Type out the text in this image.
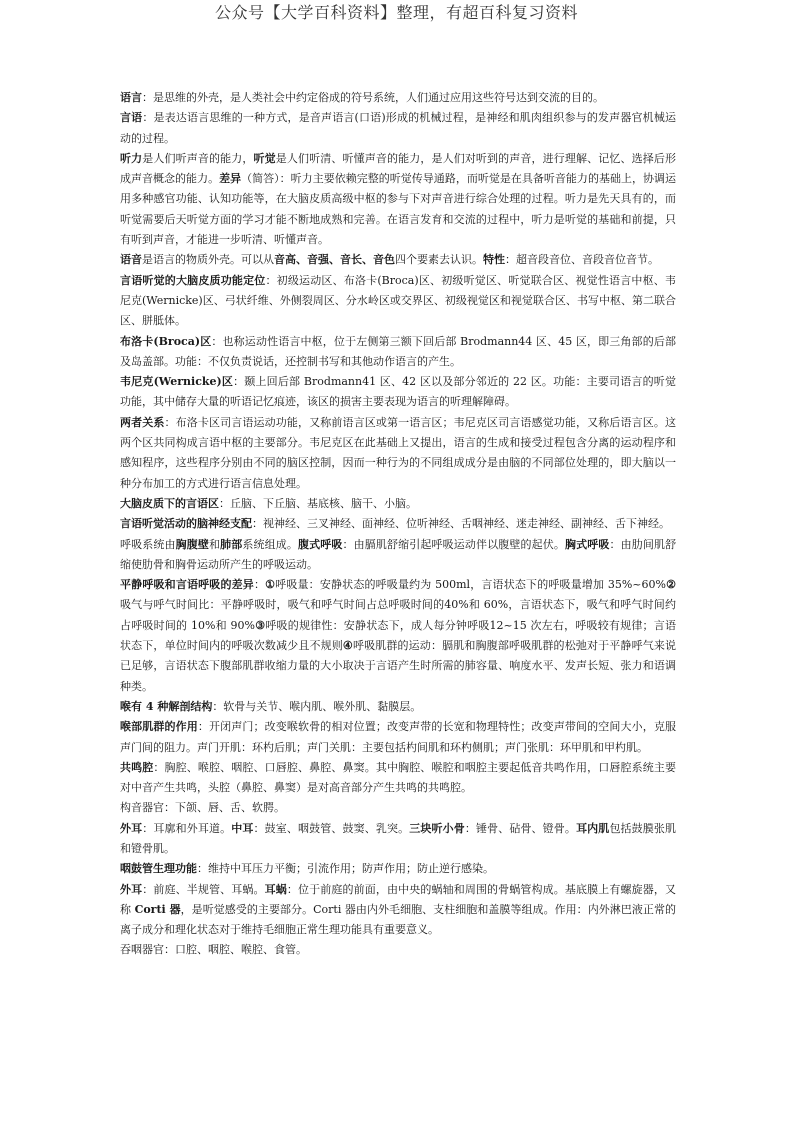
公众号【大学百科资料】整理，有超百科复习资料

语言：是思维的外壳，是人类社会中约定俗成的符号系统，人们通过应用这些符号达到交流的目的。

言语：是表达语言思维的一种方式，是音声语言(口语)形成的机械过程，是神经和肌肉组织参与的发声器官机械运动的过程。

听力是人们听声音的能力，听觉是人们听清、听懂声音的能力，是人们对听到的声音，进行理解、记忆、选择后形成声音概念的能力。差异（简答）：听力主要依赖完整的听觉传导通路，而听觉是在具备听音能力的基础上，协调运用多种感官功能、认知功能等，在大脑皮质高级中枢的参与下对声音进行综合处理的过程。听力是先天具有的，而听觉需要后天听觉方面的学习才能不断地成熟和完善。在语言发育和交流的过程中，听力是听觉的基础和前提，只有听到声音，才能进一步听清、听懂声音。

语音是语言的物质外壳。可以从音高、音强、音长、音色四个要素去认识。特性：超音段音位、音段音位音节。

言语听觉的大脑皮质功能定位：初级运动区、布洛卡(Broca)区、初级听觉区、听觉联合区、视觉性语言中枢、韦尼克(Wernicke)区、弓状纤维、外侧裂周区、分水岭区或交界区、初级视觉区和视觉联合区、书写中枢、第二联合区、胼胝体。

布洛卡(Broca)区：也称运动性语言中枢，位于左侧第三额下回后部 Brodmann44 区、45 区，即三角部的后部及岛盖部。功能：不仅负责说话，还控制书写和其他动作语言的产生。

韦尼克(Wernicke)区：颞上回后部 Brodmann41 区、42 区以及部分邻近的 22 区。功能：主要司语言的听觉功能，其中储存大量的听语记忆痕迹，该区的损害主要表现为语言的听理解障碍。

两者关系：布洛卡区司言语运动功能，又称前语言区或第一语言区；韦尼克区司言语感觉功能，又称后语言区。这两个区共同构成言语中枢的主要部分。韦尼克区在此基础上又提出，语言的生成和接受过程包含分离的运动程序和感知程序，这些程序分别由不同的脑区控制，因而一种行为的不同组成成分是由脑的不同部位处理的，即大脑以一种分布加工的方式进行语言信息处理。

大脑皮质下的言语区：丘脑、下丘脑、基底核、脑干、小脑。

言语听觉活动的脑神经支配：视神经、三叉神经、面神经、位听神经、舌咽神经、迷走神经、副神经、舌下神经。

呼吸系统由胸腹壁和肺部系统组成。腹式呼吸：由膈肌舒缩引起呼吸运动伴以腹壁的起伏。胸式呼吸：由肋间肌舒缩使肋骨和胸骨运动所产生的呼吸运动。

平静呼吸和言语呼吸的差异：①呼吸量：安静状态的呼吸量约为 500ml，言语状态下的呼吸量增加 35%~60%②吸气与呼气时间比：平静呼吸时，吸气和呼气时间占总呼吸时间的40%和 60%，言语状态下，吸气和呼气时间约占呼吸时间的 10%和 90%③呼吸的规律性：安静状态下，成人每分钟呼吸12~15 次左右，呼吸较有规律；言语状态下，单位时间内的呼吸次数减少且不规则④呼吸肌群的运动：膈肌和胸腹部呼吸肌群的松弛对于平静呼气来说已足够，言语状态下腹部肌群收缩力量的大小取决于言语产生时所需的肺容量、响度水平、发声长短、张力和语调种类。

喉有 4 种解剖结构：软骨与关节、喉内肌、喉外肌、黏膜层。

喉部肌群的作用：开闭声门；改变喉软骨的相对位置；改变声带的长宽和物理特性；改变声带间的空间大小，克服声门间的阻力。声门开肌：环杓后肌；声门关肌：主要包括杓间肌和环杓侧肌；声门张肌：环甲肌和甲杓肌。

共鸣腔：胸腔、喉腔、咽腔、口唇腔、鼻腔、鼻窦。其中胸腔、喉腔和咽腔主要起低音共鸣作用，口唇腔系统主要对中音产生共鸣，头腔（鼻腔、鼻窦）是对高音部分产生共鸣的共鸣腔。

构音器官：下颌、唇、舌、软腭。

外耳：耳廓和外耳道。中耳：鼓室、咽鼓管、鼓窦、乳突。三块听小骨：锤骨、砧骨、镫骨。耳内肌包括鼓膜张肌和镫骨肌。

咽鼓管生理功能：维持中耳压力平衡；引流作用；防声作用；防止逆行感染。

外耳：前庭、半规管、耳蜗。耳蜗：位于前庭的前面，由中央的蜗轴和周围的骨蜗管构成。基底膜上有螺旋器，又称 Corti 器，是听觉感受的主要部分。Corti 器由内外毛细胞、支柱细胞和盖膜等组成。作用：内外淋巴液正常的离子成分和理化状态对于维持毛细胞正常生理功能具有重要意义。

吞咽器官：口腔、咽腔、喉腔、食管。
